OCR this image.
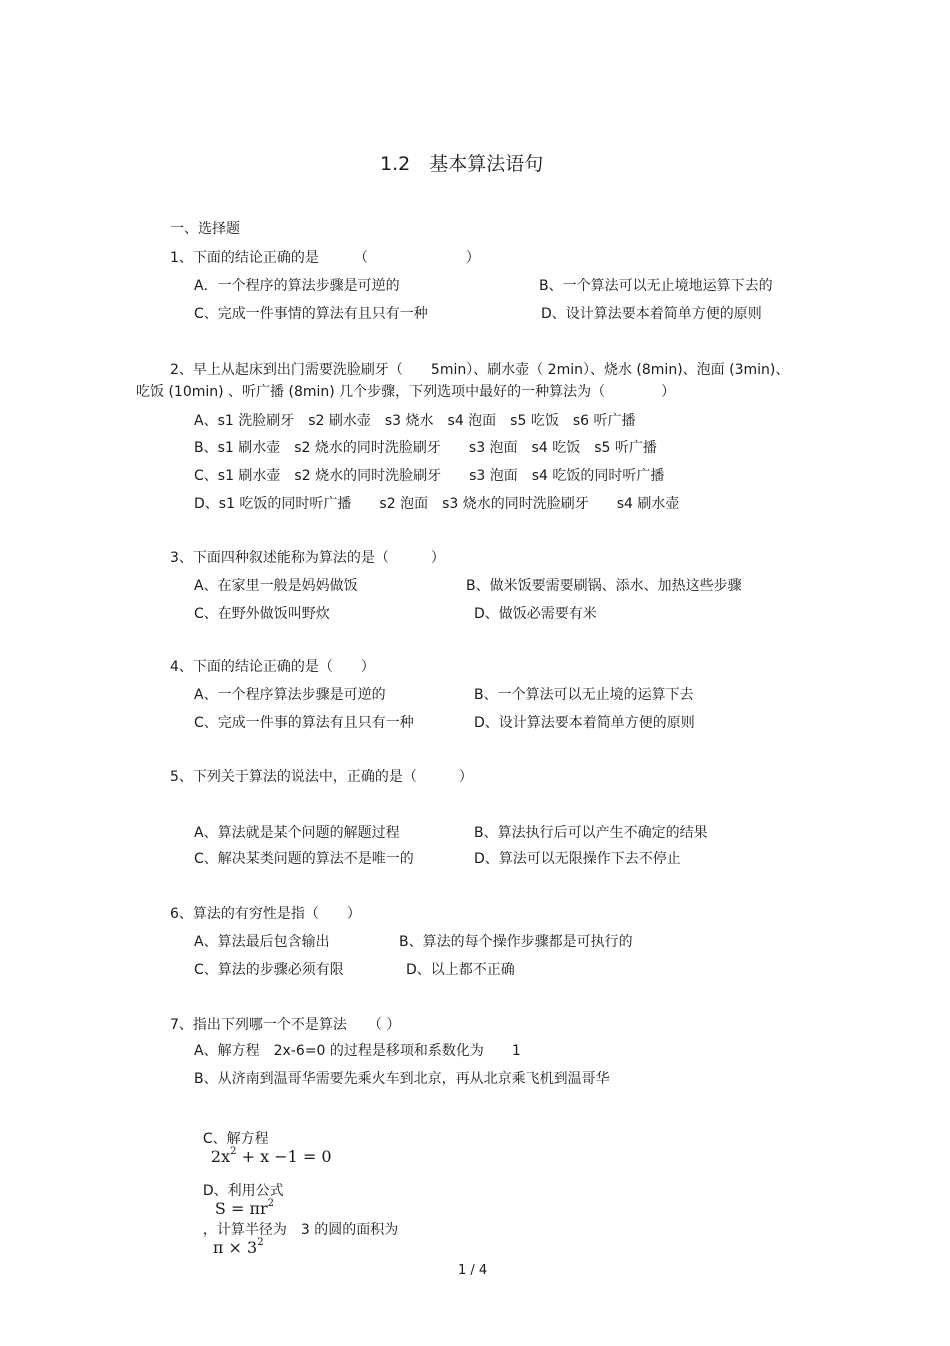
1.2　基本算法语句
一、选择题
1、下面的结论正确的是　　　（　　　　　　　）
A．一个程序的算法步骤是可逆的	B、一个算法可以无止境地运算下去的
C、完成一件事情的算法有且只有一种	D、设计算法要本着简单方便的原则
2、早上从起床到出门需要洗脸刷牙（　　5min）、刷水壶（ 2min）、烧水 (8min)、泡面 (3min)、
吃饭 (10min) 、听广播 (8min) 几个步骤，下列选项中最好的一种算法为（　　　　）
A、s1 洗脸刷牙　s2 刷水壶　s3 烧水　s4 泡面　s5 吃饭　s6 听广播
B、s1 刷水壶　s2 烧水的同时洗脸刷牙　　s3 泡面　s4 吃饭　s5 听广播
C、s1 刷水壶　s2 烧水的同时洗脸刷牙　　s3 泡面　s4 吃饭的同时听广播
D、s1 吃饭的同时听广播　　s2 泡面　s3 烧水的同时洗脸刷牙　　s4 刷水壶
3、下面四种叙述能称为算法的是（　　　）
A、在家里一般是妈妈做饭	B、做米饭要需要刷锅、添水、加热这些步骤
C、在野外做饭叫野炊	D、做饭必需要有米
4、下面的结论正确的是（　　）
A、一个程序算法步骤是可逆的	B、一个算法可以无止境的运算下去
C、完成一件事的算法有且只有一种	D、设计算法要本着简单方便的原则
5、下列关于算法的说法中，正确的是（　　　）
A、算法就是某个问题的解题过程	B、算法执行后可以产生不确定的结果
C、解决某类问题的算法不是唯一的	D、算法可以无限操作下去不停止
6、算法的有穷性是指（　　）
A、算法最后包含输出	B、算法的每个操作步骤都是可执行的
C、算法的步骤必须有限	D、以上都不正确
7、指出下列哪一个不是算法　　（ ）
A、解方程　2x-6=0 的过程是移项和系数化为　　1
B、从济南到温哥华需要先乘火车到北京，再从北京乘飞机到温哥华

C、解方程
$2x^2 + x -1 = 0$

D、利用公式
$S = \pi r^2$
，计算半径为　3 的圆的面积为
$\pi \times 3^2$

1 / 4
